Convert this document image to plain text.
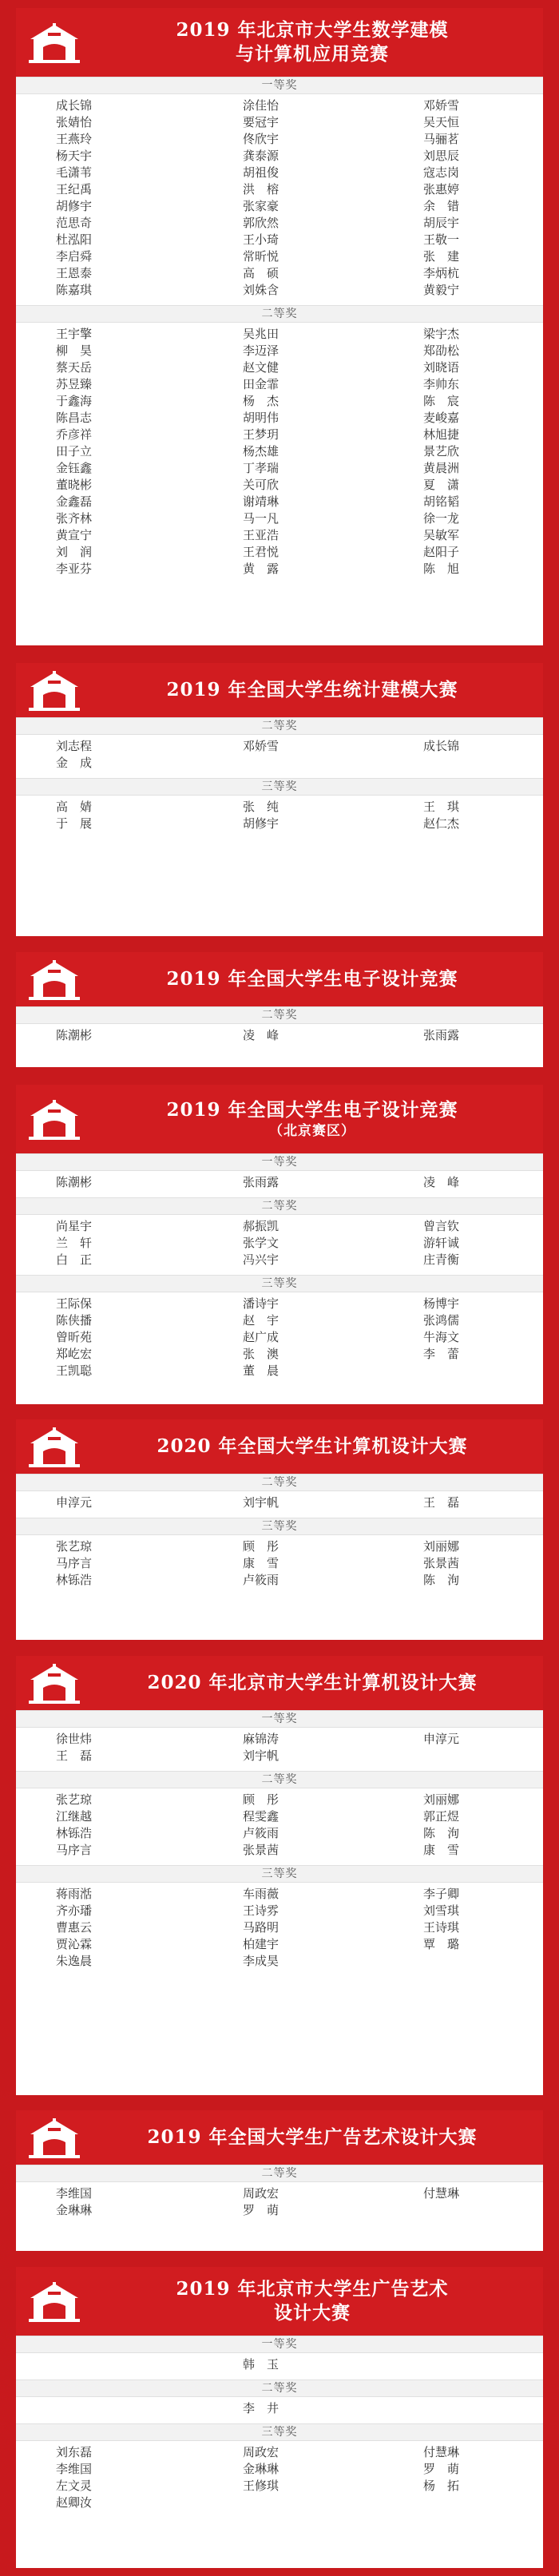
2019 年北京市大学生数学建模
与计算机应用竞赛
一等奖
成长锦	涂佳怡	邓娇雪
张婧怡	要冠宇	吴天恒
王燕玲	佟欣宇	马骊茗
杨天宇	龚泰源	刘思辰
毛潇苇	胡祖俊	寇志岗
王纪禹	洪　榕	张惠婷
胡修宇	张家豪	余　错
范思奇	郭欣然	胡辰宇
杜泓阳	王小琦	王敬一
李启舜	常昕悦	张　建
王恩泰	高　硕	李炳杭
陈嘉琪	刘姝含	黄毅宁
二等奖
王宇擎	吴兆田	梁宇杰
柳　昊	李迈泽	郑劭松
蔡天岳	赵文健	刘晓语
苏昱臻	田金霏	李帅东
于鑫海	杨　杰	陈　宸
陈昌志	胡明伟	麦峻嘉
乔彦祥	王梦玥	林旭捷
田子立	杨杰雄	景艺欣
金钰鑫	丁孝瑞	黄晨洲
董晓彬	关可欣	夏　潇
金鑫磊	谢靖琳	胡铭韬
张齐林	马一凡	徐一龙
黄宣宁	王亚浩	吴敏军
刘　润	王君悦	赵阳子
李亚芬	黄　露	陈　旭
2019 年全国大学生统计建模大赛
二等奖
刘志程	邓娇雪	成长锦
金　成
三等奖
高　婧	张　纯	王　琪
于　展	胡修宇	赵仁杰
2019 年全国大学生电子设计竞赛
二等奖
陈潮彬	凌　峰	张雨露
2019 年全国大学生电子设计竞赛
（北京赛区）
一等奖
陈潮彬	张雨露	凌　峰
二等奖
尚星宇	郝振凯	曾言钦
兰　轩	张学文	游轩诚
白　正	冯兴宇	庄青衡
三等奖
王际保	潘诗宇	杨博宇
陈侠播	赵　宇	张鸿儒
曾昕苑	赵广成	牛海文
郑屹宏	张　澳	李　蕾
王凯聪	董　晨
2020 年全国大学生计算机设计大赛
二等奖
申淳元	刘宇帆	王　磊
三等奖
张艺琼	顾　彤	刘丽娜
马序言	康　雪	张景茜
林铄浩	卢筱雨	陈　洵
2020 年北京市大学生计算机设计大赛
一等奖
徐世炜	麻锦涛	申淳元
王　磊	刘宇帆
二等奖
张艺琼	顾　彤	刘丽娜
江继越	程雯鑫	郭正煜
林铄浩	卢筱雨	陈　洵
马序言	张景茜	康　雪
三等奖
蒋雨湉	车雨薇	李子卿
齐亦璠	王诗雰	刘雪琪
曹惠云	马路明	王诗琪
贾沁霖	柏建宇	覃　璐
朱逸晨	李成昊
2019 年全国大学生广告艺术设计大赛
二等奖
李维国	周政宏	付慧琳
金琳琳	罗　萌
2019 年北京市大学生广告艺术
设计大赛
一等奖
韩　玉
二等奖
李　井
三等奖
刘东磊	周政宏	付慧琳
李维国	金琳琳	罗　萌
左文灵	王修琪	杨　拓
赵卿汝
